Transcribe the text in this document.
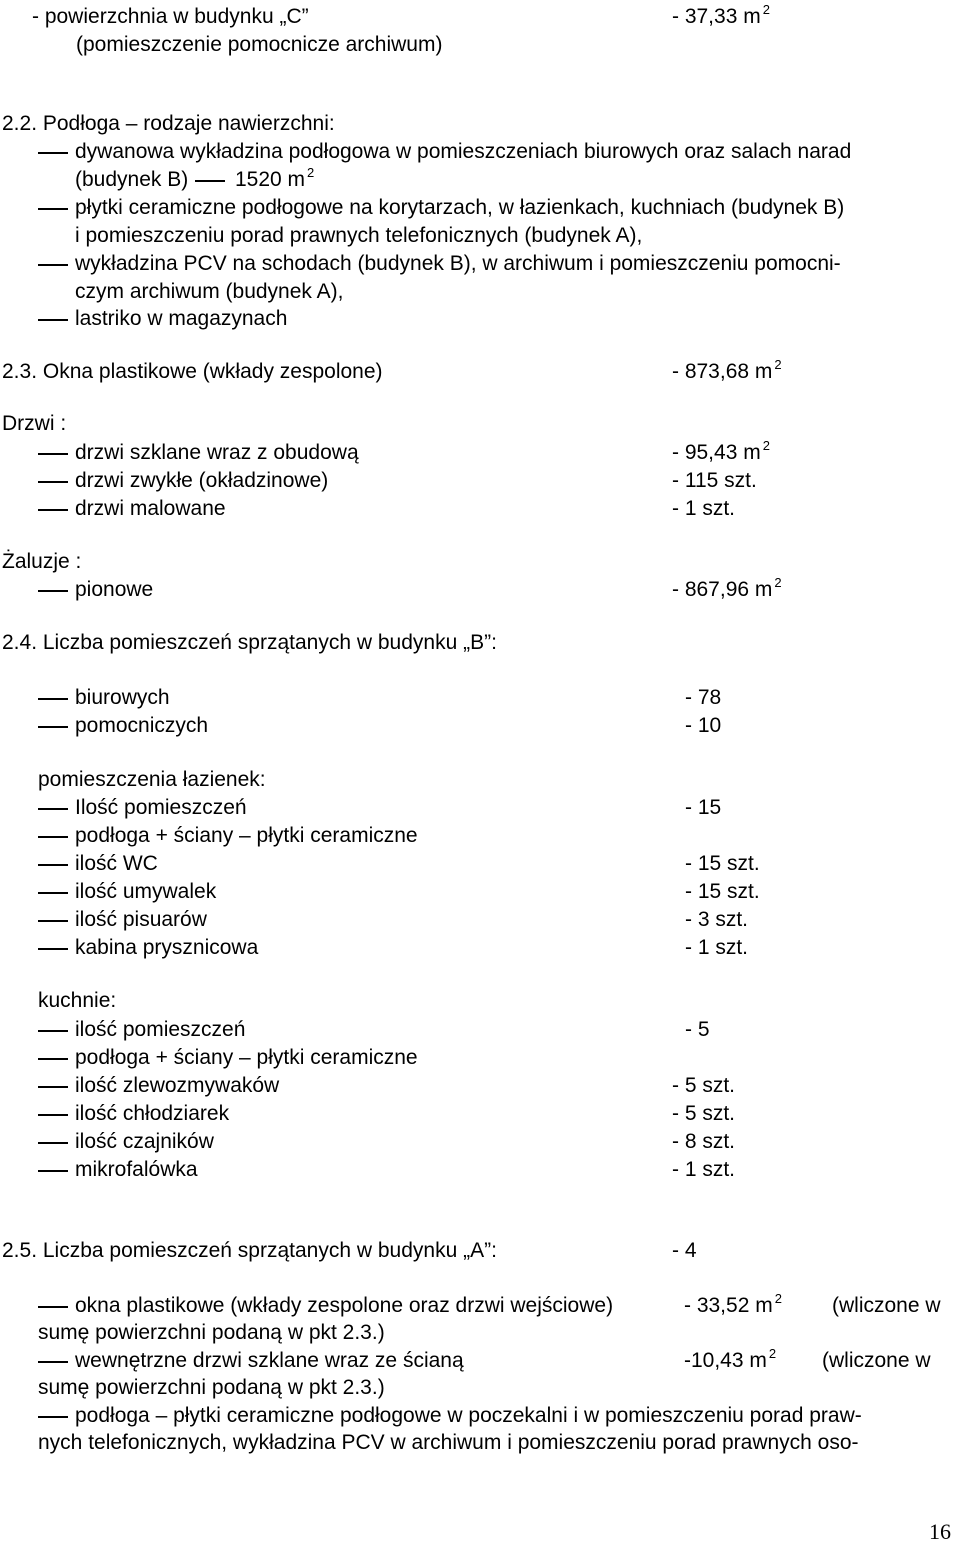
- powierzchnia w budynku „C”	- 37,33 m $^2$
(pomieszczenie pomocnicze archiwum)
2.2. Podłoga – rodzaje nawierzchni:
dywanowa wykładzina podłogowa w pomieszczeniach biurowych oraz salach narad
(budynek B) 1520 m $^2$
płytki ceramiczne podłogowe na korytarzach, w łazienkach, kuchniach (budynek B)
i pomieszczeniu porad prawnych telefonicznych (budynek A),
wykładzina PCV na schodach (budynek B), w archiwum i pomieszczeniu pomocni-
czym archiwum (budynek A),
lastriko w magazynach
2.3. Okna plastikowe (wkłady zespolone)	- 873,68 m $^2$
Drzwi :
drzwi szklane wraz z obudową	- 95,43 m $^2$
drzwi zwykłe (okładzinowe)	- 115 szt.
drzwi malowane	- 1 szt.
Żaluzje :
pionowe	- 867,96 m $^2$
2.4. Liczba pomieszczeń sprzątanych w budynku „B”:
biurowych	- 78
pomocniczych	- 10
pomieszczenia łazienek:
Ilość pomieszczeń	- 15
podłoga + ściany – płytki ceramiczne
ilość WC	- 15 szt.
ilość umywalek	- 15 szt.
ilość pisuarów	- 3 szt.
kabina prysznicowa	- 1 szt.
kuchnie:
ilość pomieszczeń	- 5
podłoga + ściany – płytki ceramiczne
ilość zlewozmywaków	- 5 szt.
ilość chłodziarek	- 5 szt.
ilość czajników	- 8 szt.
mikrofalówka	- 1 szt.
2.5. Liczba pomieszczeń sprzątanych w budynku „A”:	- 4
okna plastikowe (wkłady zespolone oraz drzwi wejściowe)	- 33,52 m $^2$ (wliczone w
sumę powierzchni podaną w pkt 2.3.)
wewnętrzne drzwi szklane wraz ze ścianą	-10,43 m $^2$ (wliczone w
sumę powierzchni podaną w pkt 2.3.)
podłoga – płytki ceramiczne podłogowe w poczekalni i w pomieszczeniu porad praw-
nych telefonicznych, wykładzina PCV w archiwum i pomieszczeniu porad prawnych oso-
16
